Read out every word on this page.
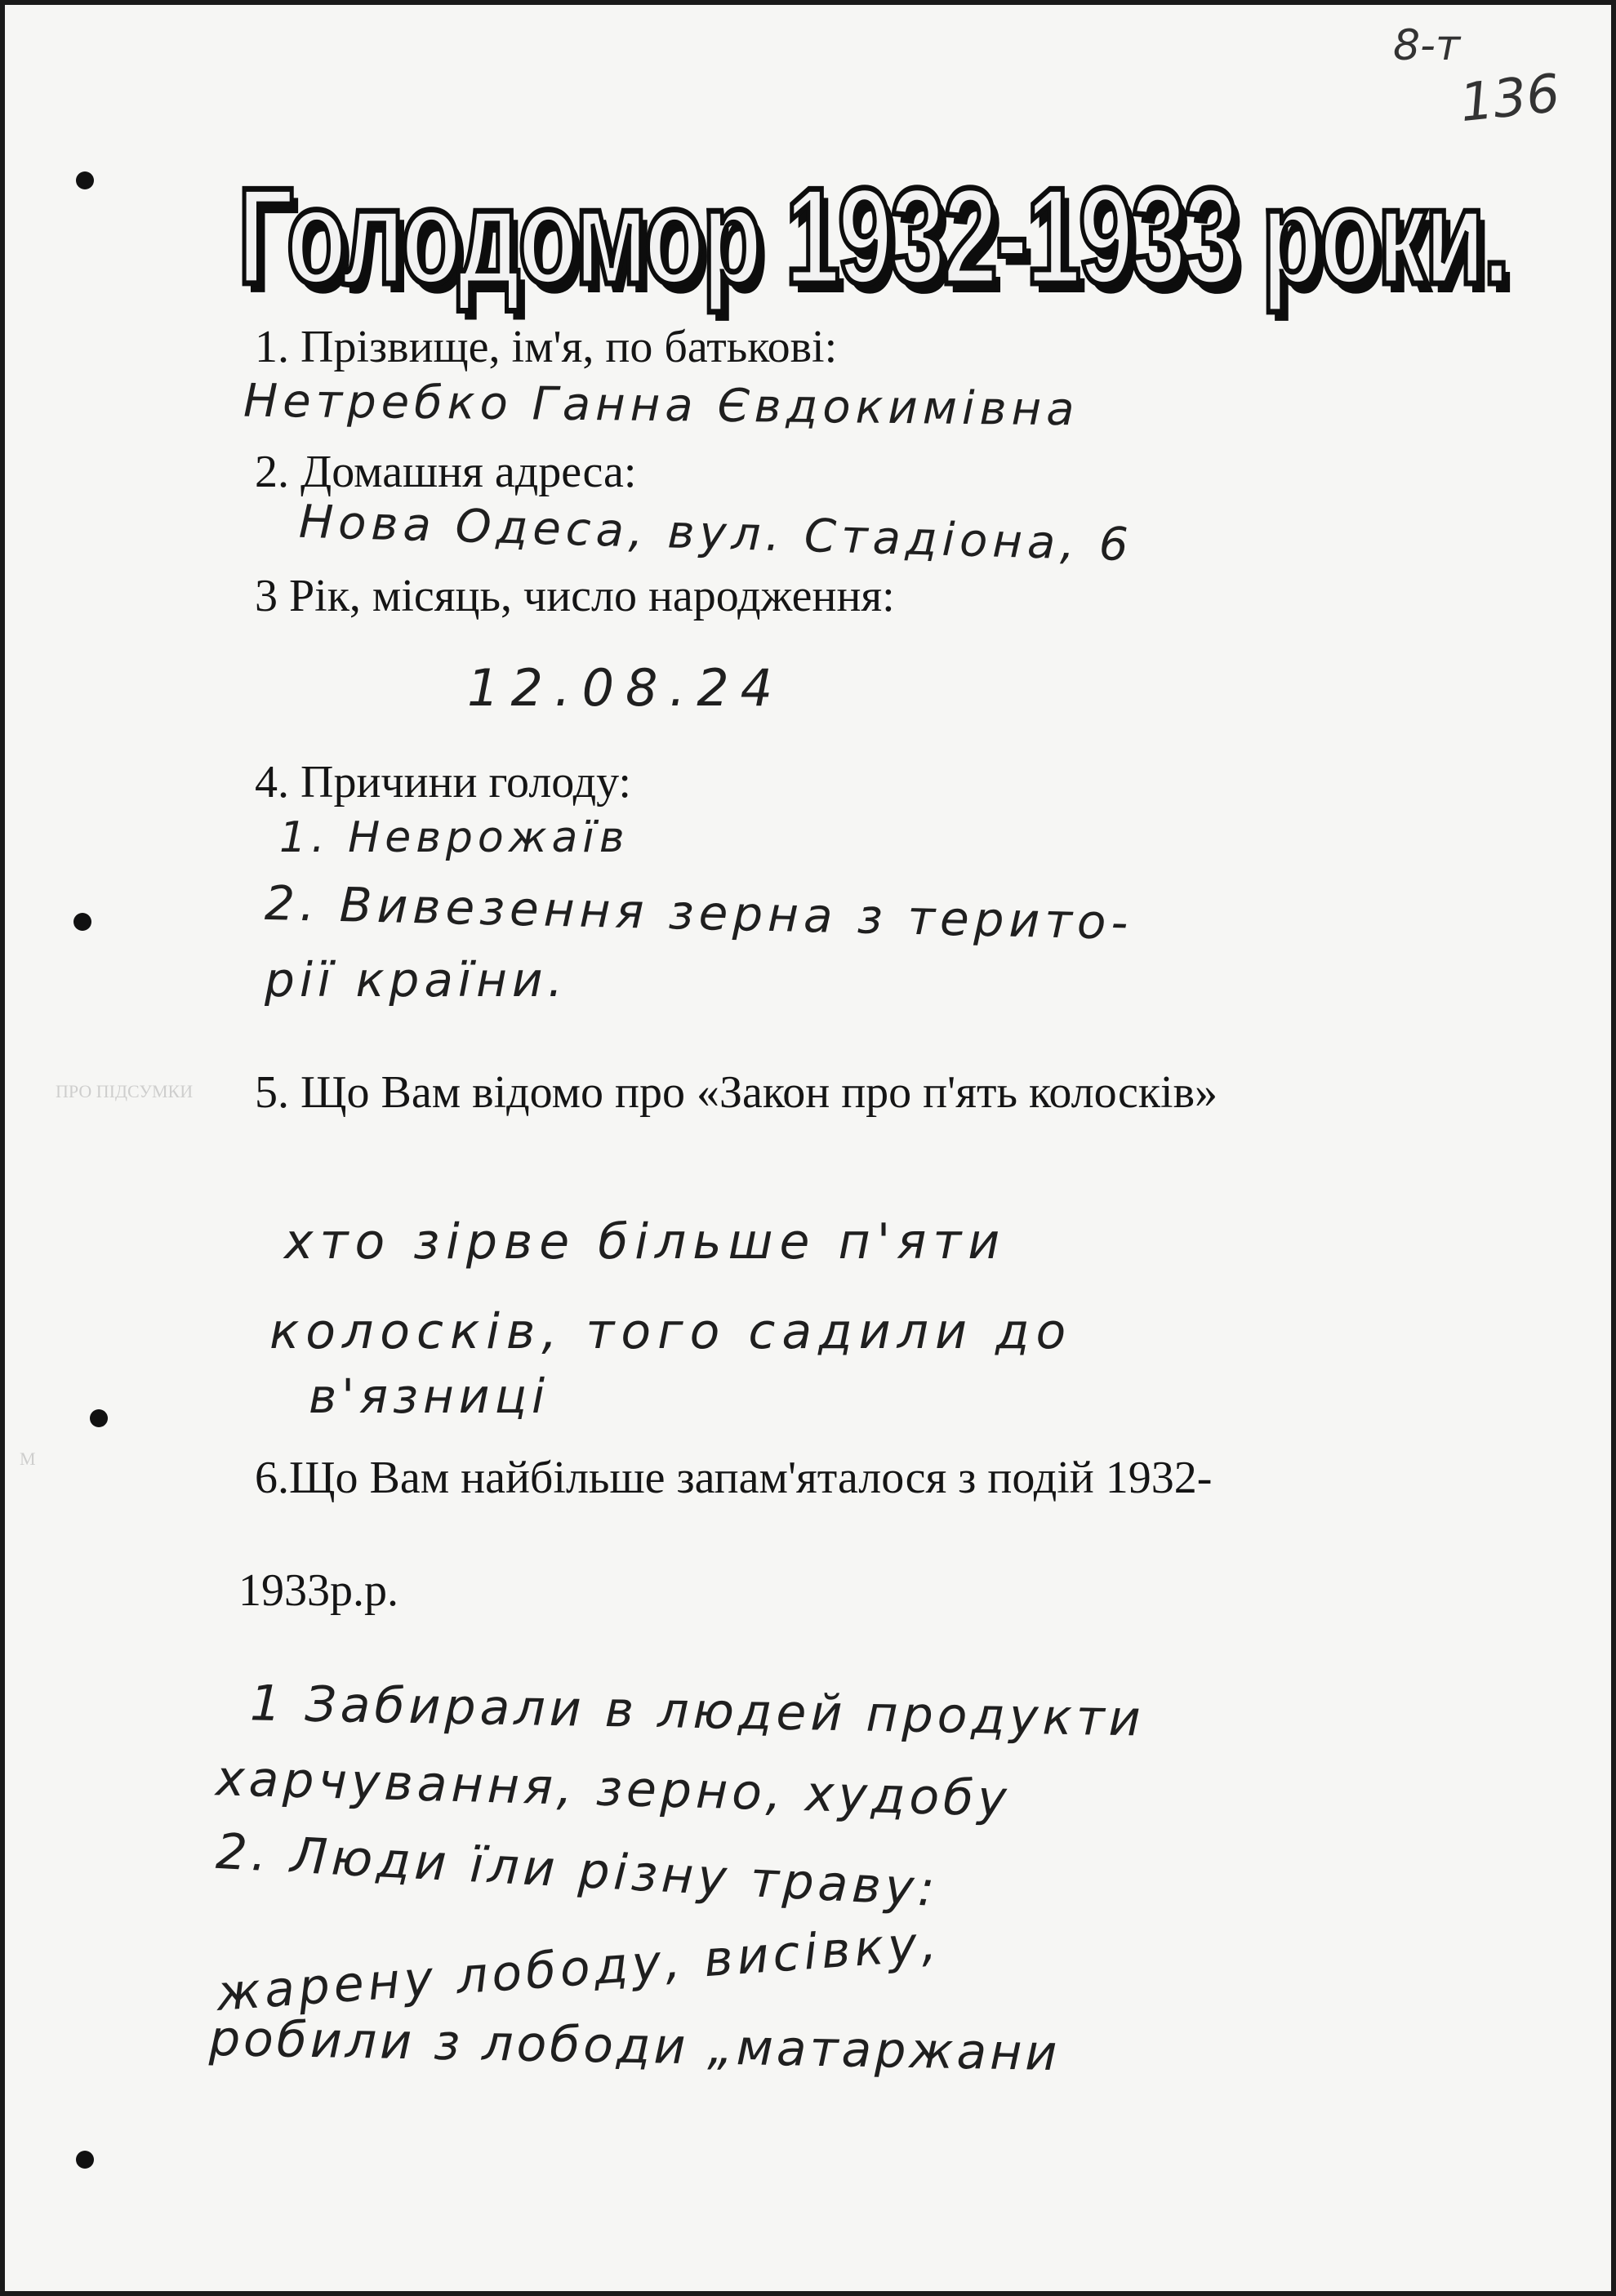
ПРО ПІДСУМКИ
М
8-т
136
Голодомор 1932-1933 роки.
1. Прізвище, ім'я, по батькові:
Нетребко Ганна Євдокимівна
2. Домашня адреса:
Нова Одеса, вул. Стадіона, 6
3 Рік, місяць, число народження:
12.08.24
4. Причини голоду:
1. Неврожаїв
2. Вивезення зерна з терито-
рії країни.
5. Що Вам відомо про «Закон про п'ять колосків»
хто зірве більше п'яти
колосків, того садили до
в'язниці
6.Що Вам найбільше запам'яталося з подій 1932-
1933р.р.
1 Забирали в людей продукти
харчування, зерно, худобу
2. Люди їли різну траву:
жарену лободу, висівку,
робили з лободи „матаржани
